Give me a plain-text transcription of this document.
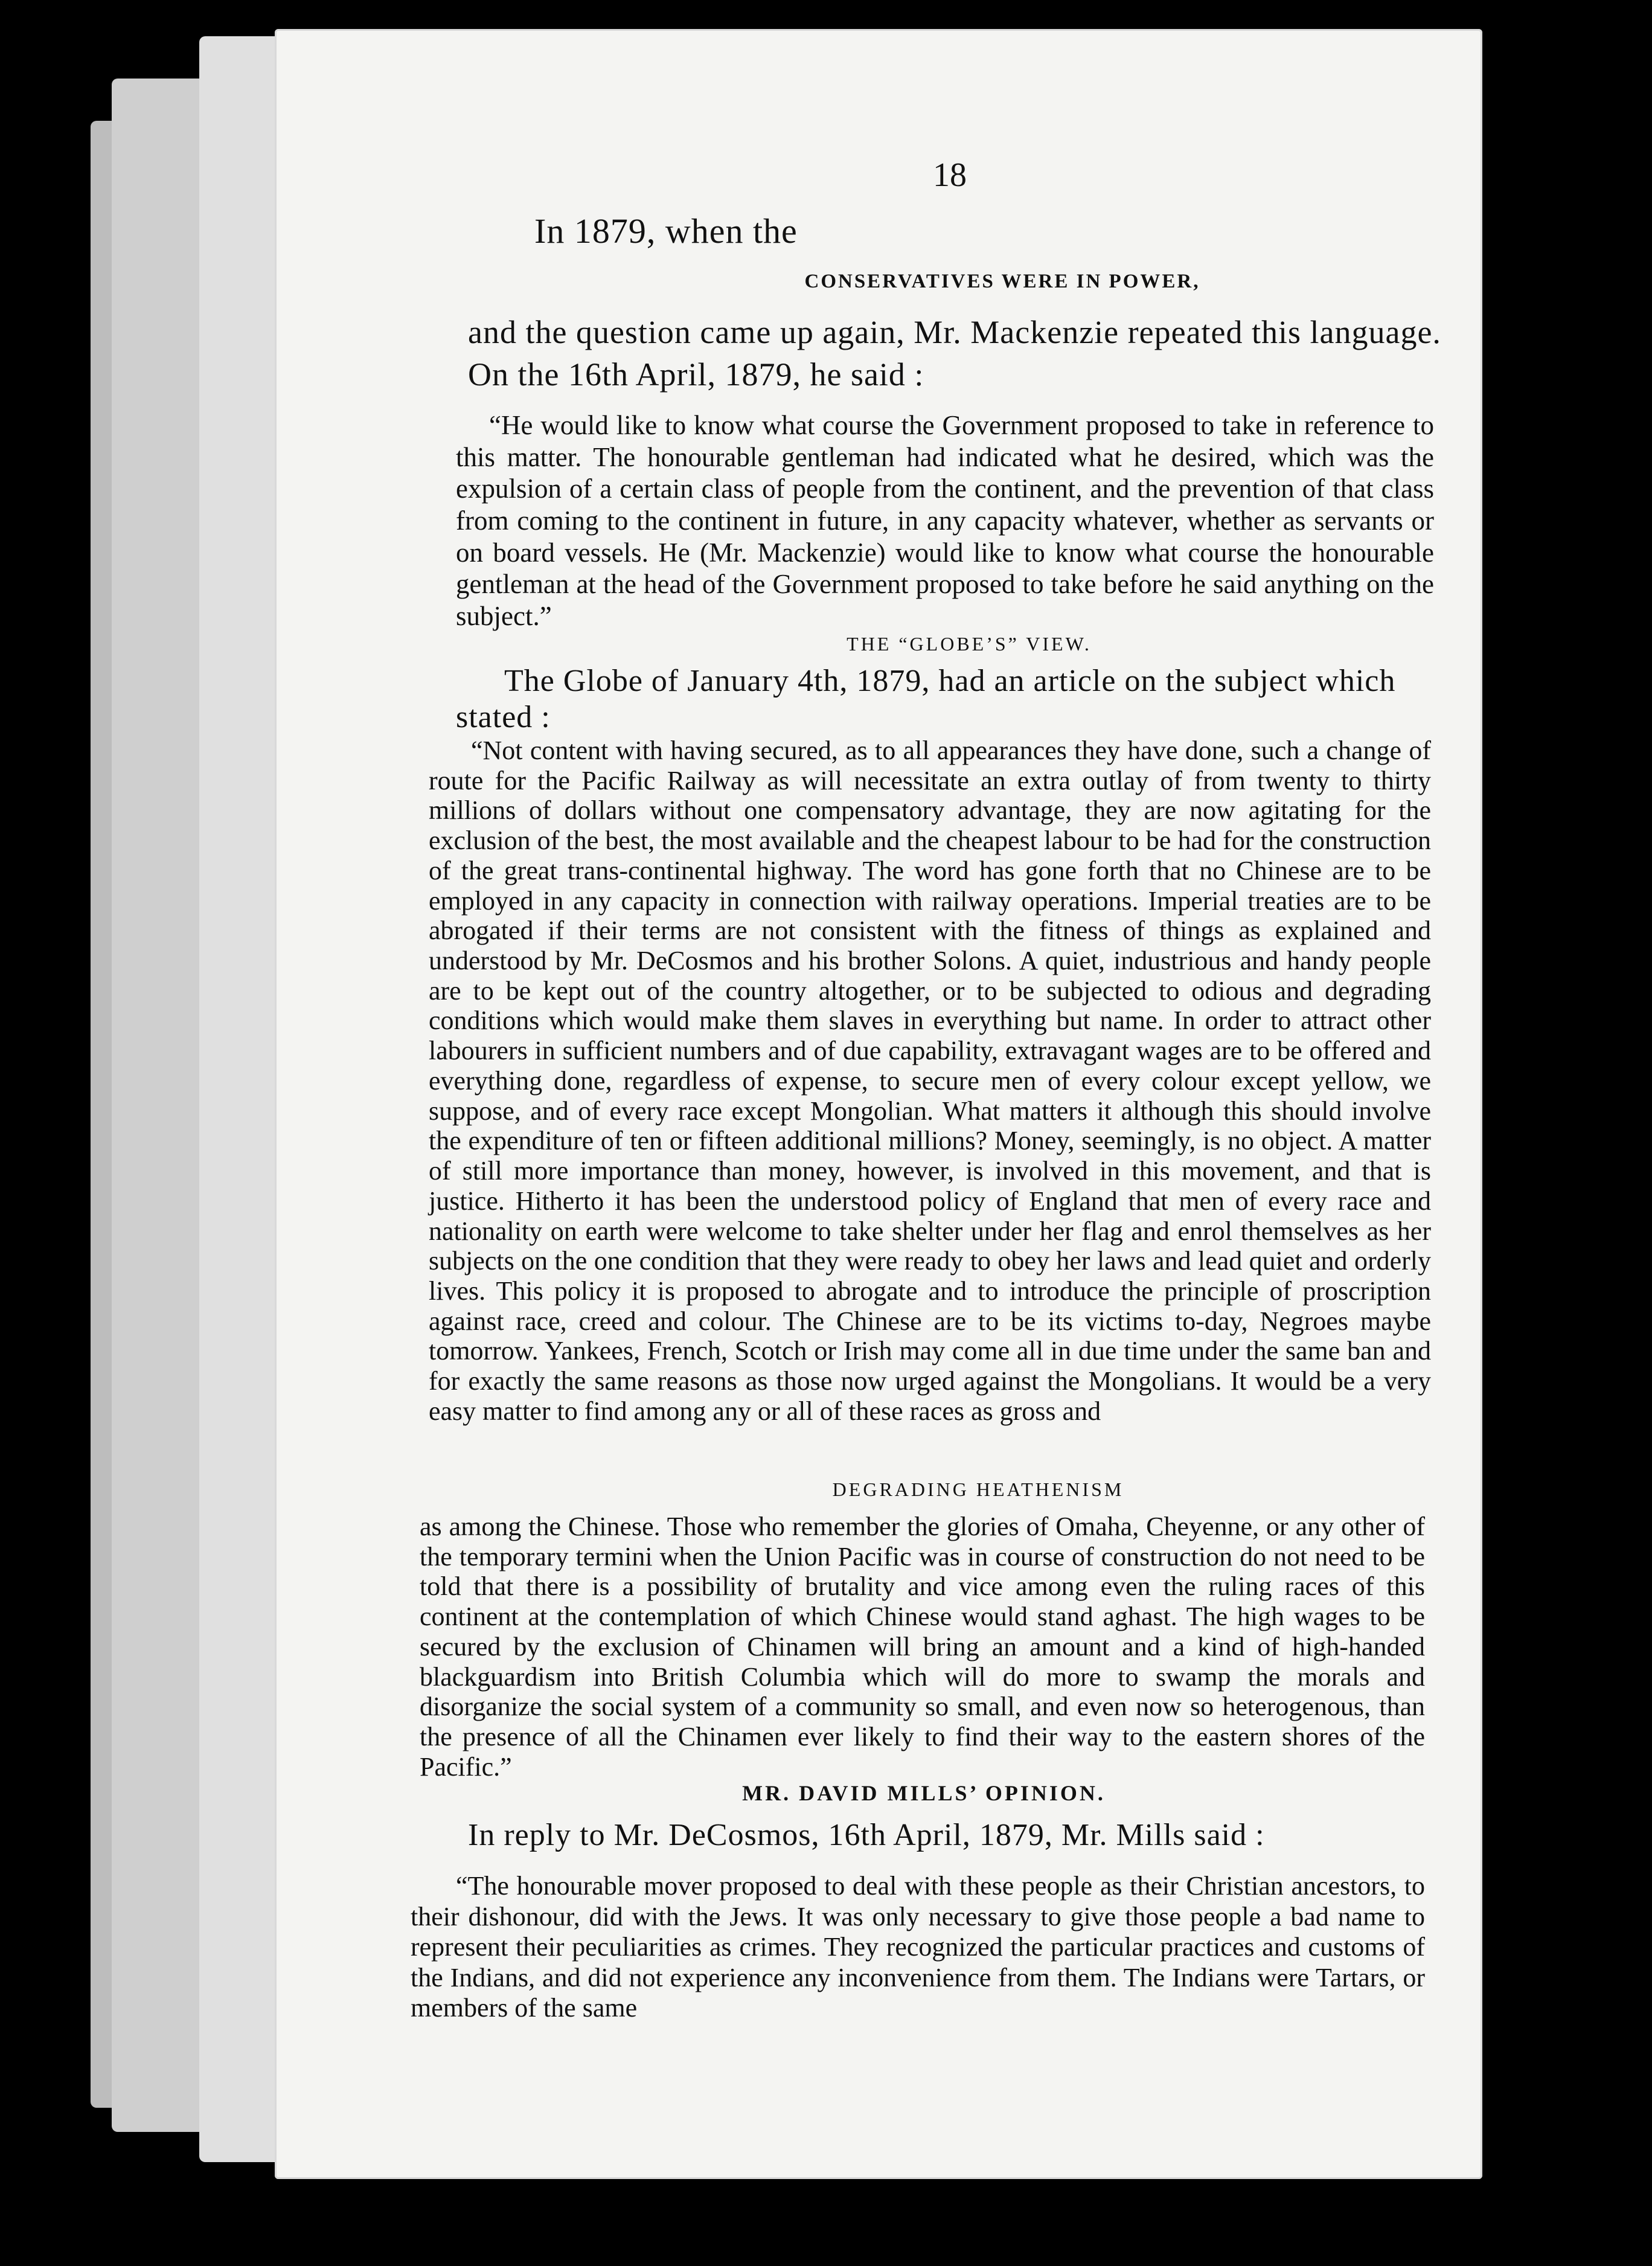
18
In 1879, when the
CONSERVATIVES WERE IN POWER,
and the question came up again, Mr. Mackenzie repeated this language.
On the 16th April, 1879, he said :
“He would like to know what course the Government proposed to take in reference to this matter. The honourable gentleman had indicated what he desired, which was the expulsion of a certain class of people from the continent, and the prevention of that class from coming to the continent in future, in any capacity whatever, whether as servants or on board vessels. He (Mr. Mackenzie) would like to know what course the honourable gentleman at the head of the Government proposed to take before he said anything on the subject.”
THE “GLOBE’S” VIEW.
The Globe of January 4th, 1879, had an article on the subject which stated :
“Not content with having secured, as to all appearances they have done, such a change of route for the Pacific Railway as will necessitate an extra outlay of from twenty to thirty millions of dollars without one compensatory advantage, they are now agitating for the exclusion of the best, the most available and the cheapest labour to be had for the construction of the great trans-continental highway. The word has gone forth that no Chinese are to be employed in any capacity in connection with railway operations. Imperial treaties are to be abrogated if their terms are not consistent with the fitness of things as explained and understood by Mr. DeCosmos and his brother Solons. A quiet, industrious and handy people are to be kept out of the country altogether, or to be subjected to odious and degrading conditions which would make them slaves in everything but name. In order to attract other labourers in sufficient numbers and of due capability, extravagant wages are to be offered and everything done, regardless of expense, to secure men of every colour except yellow, we suppose, and of every race except Mongolian. What matters it although this should involve the expenditure of ten or fifteen additional millions? Money, seemingly, is no object. A matter of still more importance than money, however, is involved in this movement, and that is justice. Hitherto it has been the understood policy of England that men of every race and nationality on earth were welcome to take shelter under her flag and enrol themselves as her subjects on the one condition that they were ready to obey her laws and lead quiet and orderly lives. This policy it is proposed to abrogate and to introduce the principle of proscription against race, creed and colour. The Chinese are to be its victims to-day, Negroes maybe tomorrow. Yankees, French, Scotch or Irish may come all in due time under the same ban and for exactly the same reasons as those now urged against the Mongolians. It would be a very easy matter to find among any or all of these races as gross and
DEGRADING HEATHENISM
as among the Chinese. Those who remember the glories of Omaha, Cheyenne, or any other of the temporary termini when the Union Pacific was in course of construction do not need to be told that there is a possibility of brutality and vice among even the ruling races of this continent at the contemplation of which Chinese would stand aghast. The high wages to be secured by the exclusion of Chinamen will bring an amount and a kind of high-handed blackguardism into British Columbia which will do more to swamp the morals and disorganize the social system of a community so small, and even now so heterogenous, than the presence of all the Chinamen ever likely to find their way to the eastern shores of the Pacific.”
MR. DAVID MILLS’ OPINION.
In reply to Mr. DeCosmos, 16th April, 1879, Mr. Mills said :
“The honourable mover proposed to deal with these people as their Christian ancestors, to their dishonour, did with the Jews. It was only necessary to give those people a bad name to represent their peculiarities as crimes. They recognized the particular practices and customs of the Indians, and did not experience any inconvenience from them. The Indians were Tartars, or members of the same
